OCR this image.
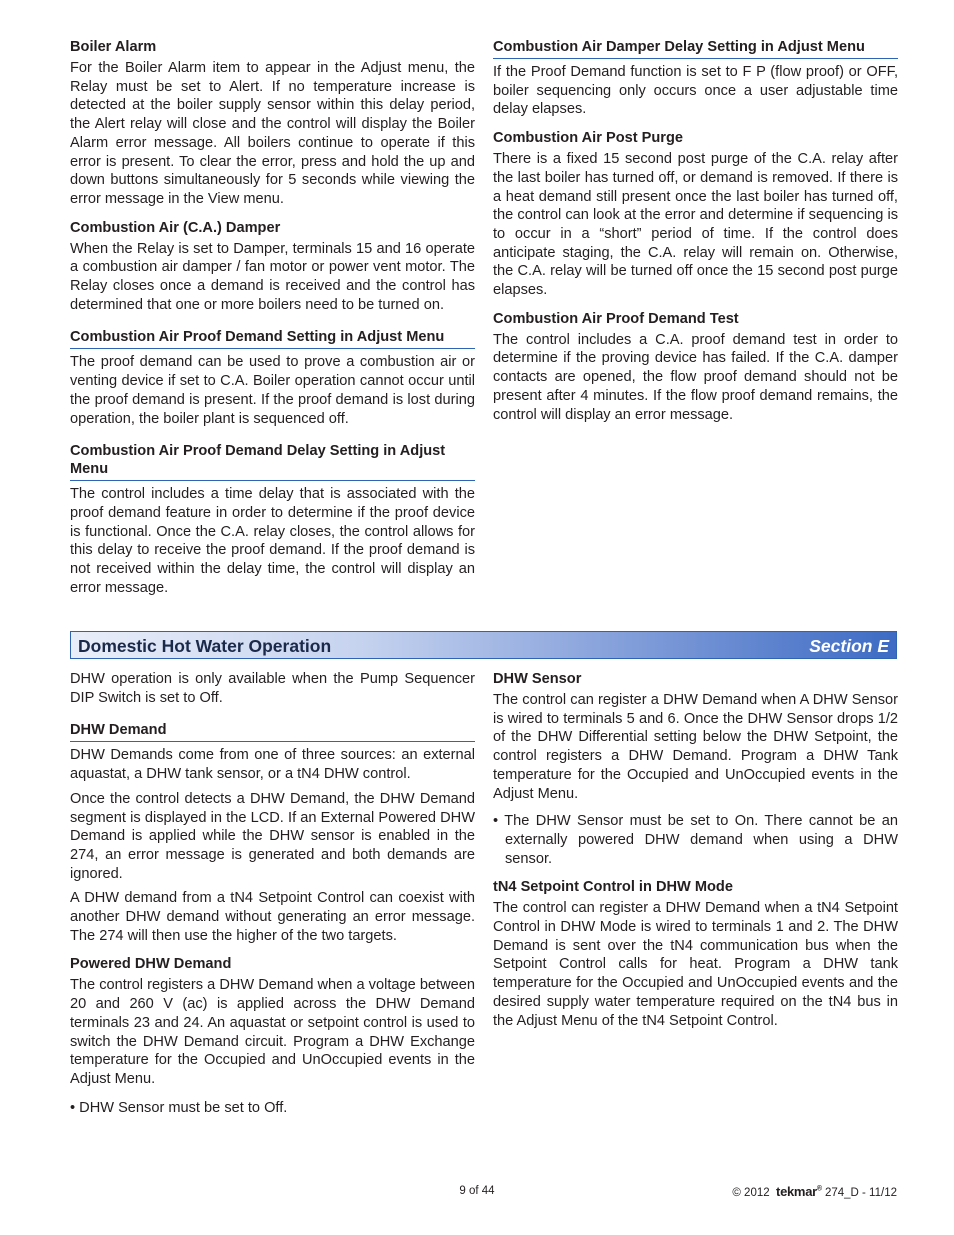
Boiler Alarm

For the Boiler Alarm item to appear in the Adjust menu, the Relay must be set to Alert. If no temperature increase is detected at the boiler supply sensor within this delay period, the Alert relay will close and the control will display the Boiler Alarm error message. All boilers continue to operate if this error is present. To clear the error, press and hold the up and down buttons simultaneously for 5 seconds while viewing the error message in the View menu.

Combustion Air (C.A.) Damper

When the Relay is set to Damper, terminals 15 and 16 operate a combustion air damper / fan motor or power vent motor. The Relay closes once a demand is received and the control has determined that one or more boilers need to be turned on.

Combustion Air Proof Demand Setting in Adjust Menu

The proof demand can be used to prove a combustion air or venting device if set to C.A. Boiler operation cannot occur until the proof demand is present. If the proof demand is lost during operation, the boiler plant is sequenced off.

Combustion Air Proof Demand Delay Setting in Adjust Menu

The control includes a time delay that is associated with the proof demand feature in order to determine if the proof device is functional. Once the C.A. relay closes, the control allows for this delay to receive the proof demand. If the proof demand is not received within the delay time, the control will display an error message.

Combustion Air Damper Delay Setting in Adjust Menu

If the Proof Demand function is set to F P (flow proof) or OFF, boiler sequencing only occurs once a user adjustable time delay elapses.

Combustion Air Post Purge

There is a fixed 15 second post purge of the C.A. relay after the last boiler has turned off, or demand is removed. If there is a heat demand still present once the last boiler has turned off, the control can look at the error and determine if sequencing is to occur in a “short” period of time. If the control does anticipate staging, the C.A. relay will remain on. Otherwise, the C.A. relay will be turned off once the 15 second post purge elapses.

Combustion Air Proof Demand Test

The control includes a C.A. proof demand test in order to determine if the proving device has failed. If the C.A. damper contacts are opened, the flow proof demand should not be present after 4 minutes. If the flow proof demand remains, the control will display an error message.

Domestic Hot Water Operation	Section E

DHW operation is only available when the Pump Sequencer DIP Switch is set to Off.

DHW Demand

DHW Demands come from one of three sources: an external aquastat, a DHW tank sensor, or a tN4 DHW control.

Once the control detects a DHW Demand, the DHW Demand segment is displayed in the LCD. If an External Powered DHW Demand is applied while the DHW sensor is enabled in the 274, an error message is generated and both demands are ignored.

A DHW demand from a tN4 Setpoint Control can coexist with another DHW demand without generating an error message. The 274 will then use the higher of the two targets.

Powered DHW Demand

The control registers a DHW Demand when a voltage between 20 and 260 V (ac) is applied across the DHW Demand terminals 23 and 24. An aquastat or setpoint control is used to switch the DHW Demand circuit. Program a DHW Exchange temperature for the Occupied and UnOccupied events in the Adjust Menu.

• DHW Sensor must be set to Off.

DHW Sensor

The control can register a DHW Demand when A DHW Sensor is wired to terminals 5 and 6. Once the DHW Sensor drops 1/2 of the DHW Differential setting below the DHW Setpoint, the control registers a DHW Demand. Program a DHW Tank temperature for the Occupied and UnOccupied events in the Adjust Menu.

• The DHW Sensor must be set to On. There cannot be an externally powered DHW demand when using a DHW sensor.

tN4 Setpoint Control in DHW Mode

The control can register a DHW Demand when a tN4 Setpoint Control in DHW Mode is wired to terminals 1 and 2. The DHW Demand is sent over the tN4 communication bus when the Setpoint Control calls for heat. Program a DHW tank temperature for the Occupied and UnOccupied events and the desired supply water temperature required on the tN4 bus in the Adjust Menu of the tN4 Setpoint Control.

9 of 44	© 2012 tekmar® 274_D - 11/12
